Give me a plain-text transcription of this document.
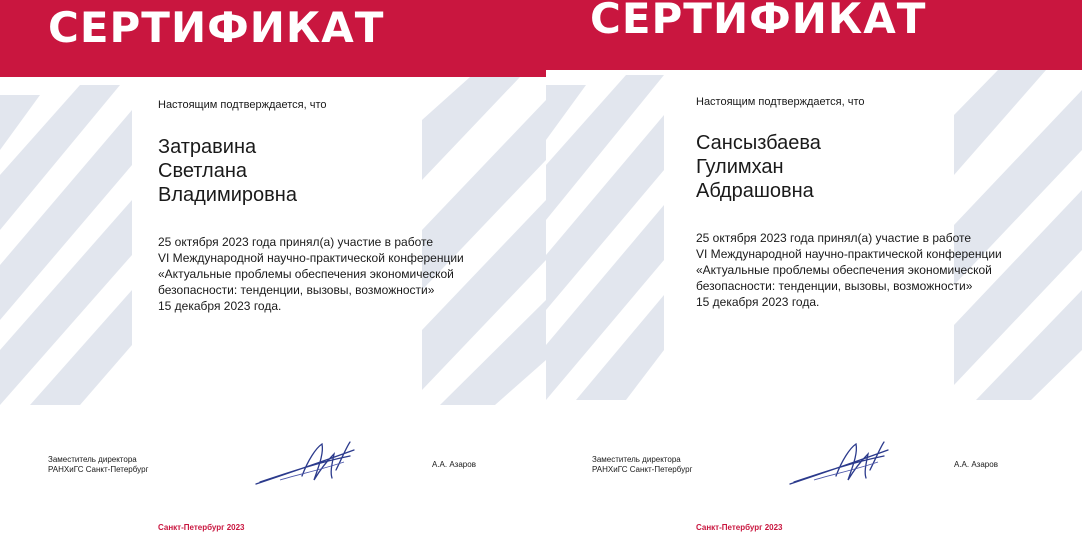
СЕРТИФИКАТ
Настоящим подтверждается, что
Затравина
Светлана
Владимировна
25 октября 2023 года принял(а) участие в работе
VI Международной научно-практической конференции
«Актуальные проблемы обеспечения экономической
безопасности: тенденции, вызовы, возможности»
15 декабря 2023 года.
Заместитель директора
РАНХиГС Санкт-Петербург
А.А. Азаров
Санкт-Петербург 2023
СЕРТИФИКАТ
Настоящим подтверждается, что
Сансызбаева
Гулимхан
Абдрашовна
25 октября 2023 года принял(а) участие в работе
VI Международной научно-практической конференции
«Актуальные проблемы обеспечения экономической
безопасности: тенденции, вызовы, возможности»
15 декабря 2023 года.
Заместитель директора
РАНХиГС Санкт-Петербург
А.А. Азаров
Санкт-Петербург 2023
